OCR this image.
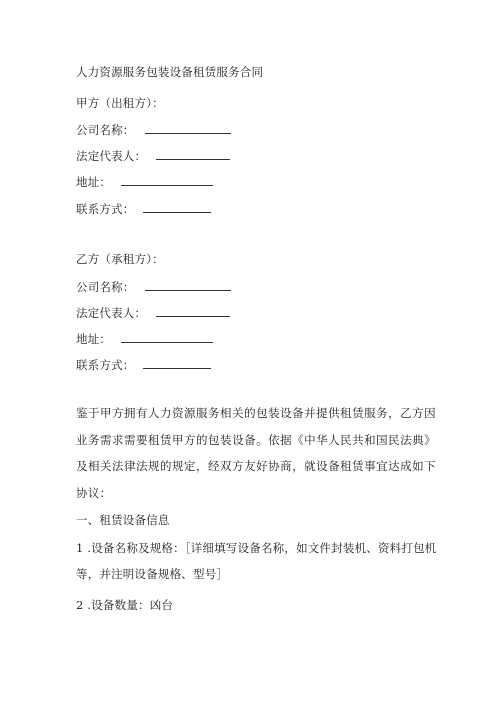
人力资源服务包装设备租赁服务合同
甲方（出租方）：
公司名称：
法定代表人：
地址：
联系方式：
乙方（承租方）：
公司名称：
法定代表人：
地址：
联系方式：
鉴于甲方拥有人力资源服务相关的包装设备并提供租赁服务，乙方因业务需求需要租赁甲方的包装设备。依据《中华人民共和国民法典》及相关法律法规的规定，经双方友好协商，就设备租赁事宜达成如下协议：
一、租赁设备信息
1 .设备名称及规格：［详细填写设备名称，如文件封装机、资料打包机
等，并注明设备规格、型号］
2 .设备数量：凶台
